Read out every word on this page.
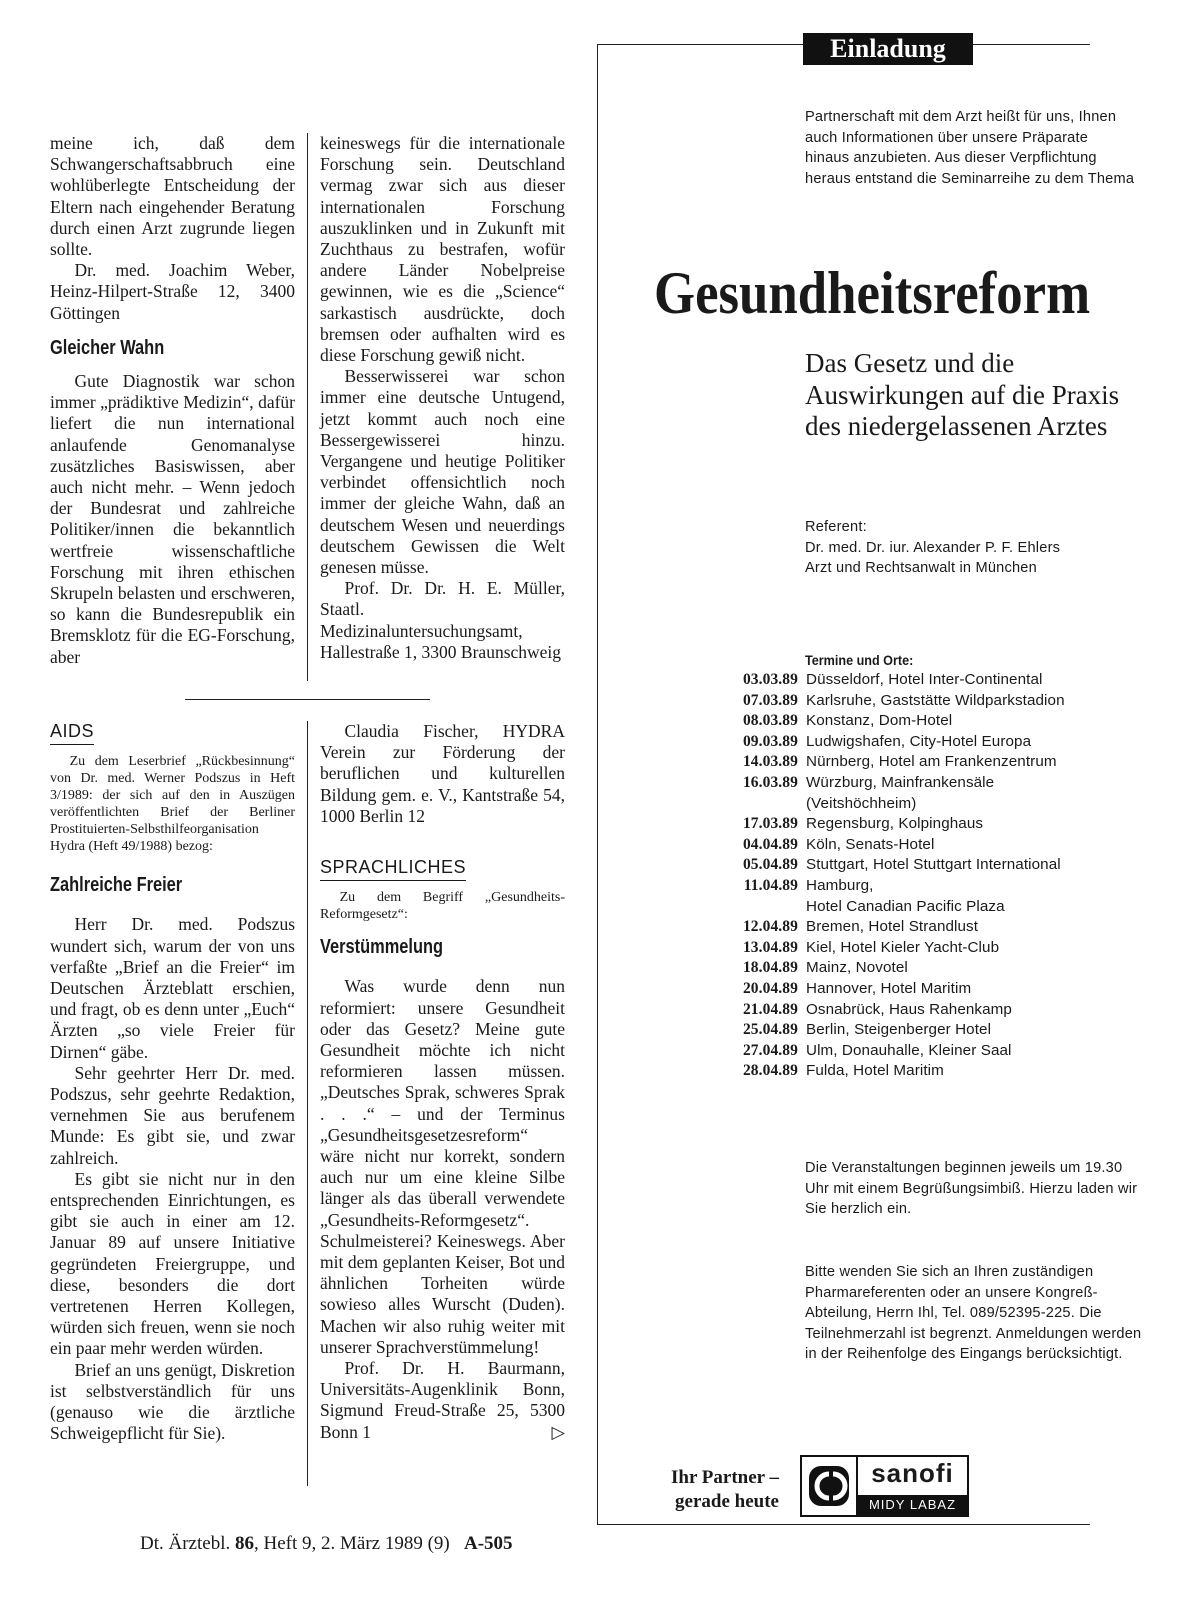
meine ich, daß dem Schwangerschaftsabbruch eine wohlüberlegte Entscheidung der Eltern nach eingehender Beratung durch einen Arzt zugrunde liegen sollte.

Dr. med. Joachim Weber, Heinz-Hilpert-Straße 12, 3400 Göttingen

Gleicher Wahn

Gute Diagnostik war schon immer „prädiktive Medizin“, dafür liefert die nun international anlaufende Genomanalyse zusätzliches Basiswissen, aber auch nicht mehr. – Wenn jedoch der Bundesrat und zahlreiche Politiker/innen die bekanntlich wertfreie wissenschaftliche Forschung mit ihren ethischen Skrupeln belasten und erschweren, so kann die Bundesrepublik ein Bremsklotz für die EG-Forschung, aber

keineswegs für die internationale Forschung sein. Deutschland vermag zwar sich aus dieser internationalen Forschung auszuklinken und in Zukunft mit Zuchthaus zu bestrafen, wofür andere Länder Nobelpreise gewinnen, wie es die „Science“ sarkastisch ausdrückte, doch bremsen oder aufhalten wird es diese Forschung gewiß nicht.

Besserwisserei war schon immer eine deutsche Untugend, jetzt kommt auch noch eine Bessergewisserei hinzu. Vergangene und heutige Politiker verbindet offensichtlich noch immer der gleiche Wahn, daß an deutschem Wesen und neuerdings deutschem Gewissen die Welt genesen müsse.

Prof. Dr. Dr. H. E. Müller, Staatl. Medizinaluntersuchungsamt, Hallestraße 1, 3300 Braunschweig

AIDS

Zu dem Leserbrief „Rückbesinnung“ von Dr. med. Werner Podszus in Heft 3/1989: der sich auf den in Auszügen veröffentlichten Brief der Berliner Prostituierten-Selbsthilfeorganisation Hydra (Heft 49/1988) bezog:

Zahlreiche Freier

Herr Dr. med. Podszus wundert sich, warum der von uns verfaßte „Brief an die Freier“ im Deutschen Ärzteblatt erschien, und fragt, ob es denn unter „Euch“ Ärzten „so viele Freier für Dirnen“ gäbe.

Sehr geehrter Herr Dr. med. Podszus, sehr geehrte Redaktion, vernehmen Sie aus berufenem Munde: Es gibt sie, und zwar zahlreich.

Es gibt sie nicht nur in den entsprechenden Einrichtungen, es gibt sie auch in einer am 12. Januar 89 auf unsere Initiative gegründeten Freiergruppe, und diese, besonders die dort vertretenen Herren Kollegen, würden sich freuen, wenn sie noch ein paar mehr werden würden.

Brief an uns genügt, Diskretion ist selbstverständlich für uns (genauso wie die ärztliche Schweigepflicht für Sie).

Claudia Fischer, HYDRA Verein zur Förderung der beruflichen und kulturellen Bildung gem. e. V., Kantstraße 54, 1000 Berlin 12

SPRACHLICHES

Zu dem Begriff „Gesundheits-Reformgesetz“:

Verstümmelung

Was wurde denn nun reformiert: unsere Gesundheit oder das Gesetz? Meine gute Gesundheit möchte ich nicht reformieren lassen müssen. „Deutsches Sprak, schweres Sprak . . .“ – und der Terminus „Gesundheitsgesetzesreform“ wäre nicht nur korrekt, sondern auch nur um eine kleine Silbe länger als das überall verwendete „Gesundheits-Reformgesetz“. Schulmeisterei? Keineswegs. Aber mit dem geplanten Keiser, Bot und ähnlichen Torheiten würde sowieso alles Wurscht (Duden). Machen wir also ruhig weiter mit unserer Sprachverstümmelung!

Prof. Dr. H. Baurmann, Universitäts-Augenklinik Bonn, Sigmund Freud-Straße 25, 5300 Bonn 1	▷

Dt. Ärztebl. 86, Heft 9, 2. März 1989 (9) A-505
Einladung
Partnerschaft mit dem Arzt heißt für uns, Ihnen auch Informationen über unsere Präparate hinaus anzubieten. Aus dieser Verpflichtung heraus entstand die Seminarreihe zu dem Thema
Gesundheitsreform
Das Gesetz und die Auswirkungen auf die Praxis des niedergelassenen Arztes
Referent:
Dr. med. Dr. iur. Alexander P. F. Ehlers
Arzt und Rechtsanwalt in München
Termine und Orte:
03.03.89 Düsseldorf, Hotel Inter-Continental
07.03.89 Karlsruhe, Gaststätte Wildparkstadion
08.03.89 Konstanz, Dom-Hotel
09.03.89 Ludwigshafen, City-Hotel Europa
14.03.89 Nürnberg, Hotel am Frankenzentrum
16.03.89 Würzburg, Mainfrankensäle
(Veitshöchheim)
17.03.89 Regensburg, Kolpinghaus
04.04.89 Köln, Senats-Hotel
05.04.89 Stuttgart, Hotel Stuttgart International
11.04.89 Hamburg,
Hotel Canadian Pacific Plaza
12.04.89 Bremen, Hotel Strandlust
13.04.89 Kiel, Hotel Kieler Yacht-Club
18.04.89 Mainz, Novotel
20.04.89 Hannover, Hotel Maritim
21.04.89 Osnabrück, Haus Rahenkamp
25.04.89 Berlin, Steigenberger Hotel
27.04.89 Ulm, Donauhalle, Kleiner Saal
28.04.89 Fulda, Hotel Maritim
Die Veranstaltungen beginnen jeweils um 19.30 Uhr mit einem Begrüßungsimbiß. Hierzu laden wir Sie herzlich ein.
Bitte wenden Sie sich an Ihren zuständigen Pharmareferenten oder an unsere Kongreß-Abteilung, Herrn Ihl, Tel. 089/52395-225. Die Teilnehmerzahl ist begrenzt. Anmeldungen werden in der Reihenfolge des Eingangs berücksichtigt.
Ihr Partner – gerade heute
sanofi
MIDY LABAZ
